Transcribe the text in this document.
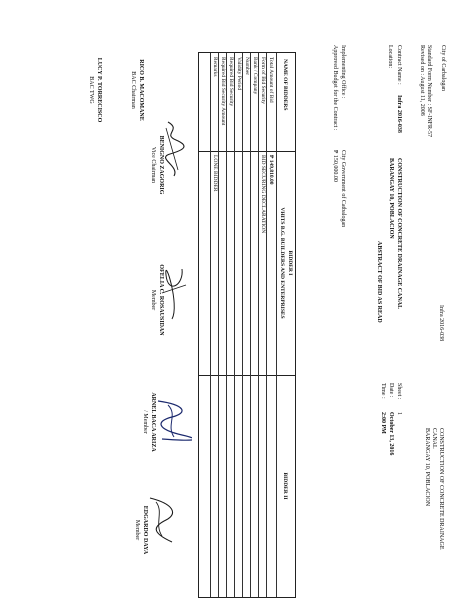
City of Carbalogan
Standard Form Number : SF-INFR-57
Revised on : August 11, 2008
Infra 2016-038
CONSTRUCTION OF CONCRETE DRAINAGE
CANAL
BARANGAY 10, POBLACION
Contract Name :
Infra 2016-038
Location:
CONSTRUCTION OF CONCRETE DRAINAGE CANAL
BARANGAY 10, POBLACION
ABSTRACT OF BID AS READ
Sheet :
1
Date :
October 13, 2016
Time :
2:00 PM
Implementing Office :
City Government of Catbalogan
Approved Budget for the Contract :
₱ 150,000.00
NAME OF BIDDERS
BIDDER I
VHITS B.G. BUILDERS AND ENTERPRISES
BIDDER II
Total Amount of Bid
₱ 149,810.00
Form of Bid Security
BID SECURING DECLARATION
Bank / Company
Number
Validity Period
Required Bid Security
Required Bid Security Amount
Remarks
LONE BIDDER
RICO B. MACOMANE
BAC Chairman
BENIGNO ZAGORIG
Vice Chairman
OFELIA C. ROSAUSIDAN
Member
ARNEL BACA ARIZA
/ Member
EDGARDO DAYA
Member
LUCY P. TORRECISCO
BAC TWG
